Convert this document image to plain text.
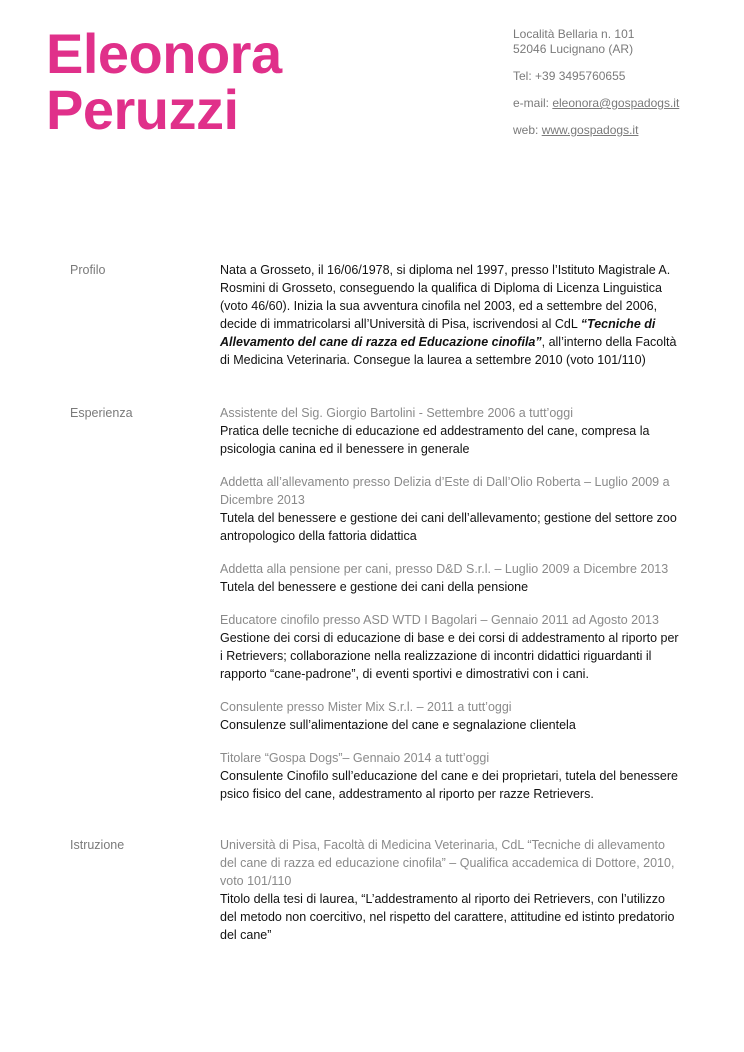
Eleonora
Peruzzi
Località Bellaria n. 101
52046 Lucignano (AR)
Tel: +39 3495760655
e-mail: eleonora@gospadogs.it
web: www.gospadogs.it
Profilo	Nata a Grosseto, il 16/06/1978, si diploma nel 1997, presso l’Istituto Magistrale A. Rosmini di Grosseto, conseguendo la qualifica di Diploma di Licenza Linguistica (voto 46/60). Inizia la sua avventura cinofila nel 2003, ed a settembre del 2006, decide di immatricolarsi all’Università di Pisa, iscrivendosi al CdL “Tecniche di Allevamento del cane di razza ed Educazione cinofila”, all’interno della Facoltà di Medicina Veterinaria. Consegue la laurea a settembre 2010 (voto 101/110)

Esperienza	Assistente del Sig. Giorgio Bartolini - Settembre 2006 a tutt’oggi

Pratica delle tecniche di educazione ed addestramento del cane, compresa la psicologia canina ed il benessere in generale

Addetta all’allevamento presso Delizia d’Este di Dall’Olio Roberta – Luglio 2009 a Dicembre 2013

Tutela del benessere e gestione dei cani dell’allevamento; gestione del settore zoo antropologico della fattoria didattica

Addetta alla pensione per cani, presso D&D S.r.l. – Luglio 2009 a Dicembre 2013

Tutela del benessere e gestione dei cani della pensione

Educatore cinofilo presso ASD WTD I Bagolari – Gennaio 2011 ad Agosto 2013

Gestione dei corsi di educazione di base e dei corsi di addestramento al riporto per i Retrievers; collaborazione nella realizzazione di incontri didattici riguardanti il rapporto “cane-padrone”, di eventi sportivi e dimostrativi con i cani.

Consulente presso Mister Mix S.r.l. – 2011 a tutt’oggi

Consulenze sull’alimentazione del cane e segnalazione clientela

Titolare “Gospa Dogs”– Gennaio 2014 a tutt’oggi

Consulente Cinofilo sull’educazione del cane e dei proprietari, tutela del benessere psico fisico del cane, addestramento al riporto per razze Retrievers.

Istruzione	Università di Pisa, Facoltà di Medicina Veterinaria, CdL “Tecniche di allevamento del cane di razza ed educazione cinofila” – Qualifica accademica di Dottore, 2010, voto 101/110

Titolo della tesi di laurea, “L’addestramento al riporto dei Retrievers, con l’utilizzo del metodo non coercitivo, nel rispetto del carattere, attitudine ed istinto predatorio del cane”
